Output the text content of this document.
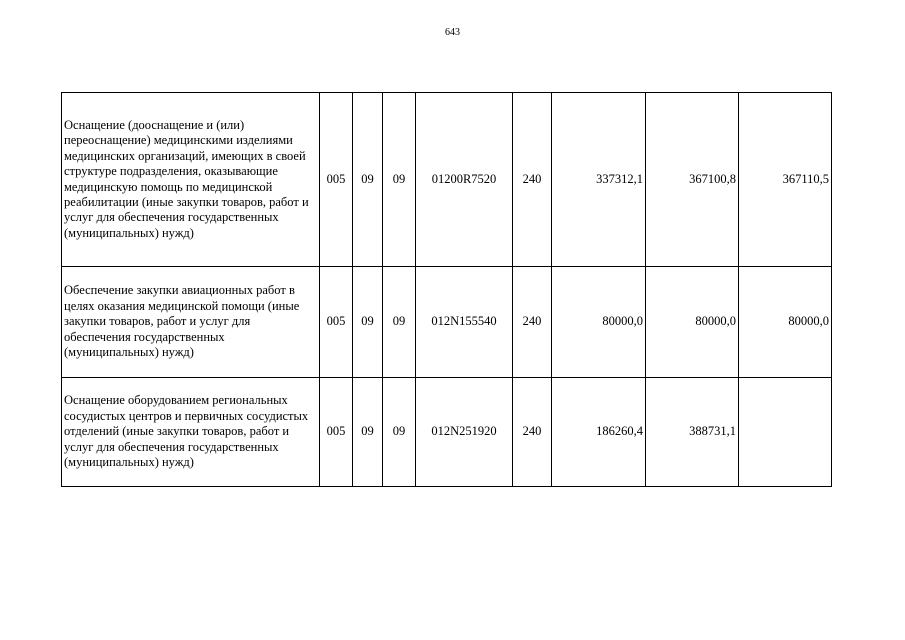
643
Оснащение (дооснащение и (или) переоснащение) медицинскими изделиями медицинских организаций, имеющих в своей структуре подразделения, оказывающие медицинскую помощь по медицинской реабилитации (иные закупки товаров, работ и услуг для обеспечения государственных (муниципальных) нужд)	005	09	09	01200R7520	240	337312,1	367100,8	367110,5
Обеспечение закупки авиационных работ в целях оказания медицинской помощи (иные закупки товаров, работ и услуг для обеспечения государственных (муниципальных) нужд)	005	09	09	012N155540	240	80000,0	80000,0	80000,0
Оснащение оборудованием региональных сосудистых центров и первичных сосудистых отделений (иные закупки товаров, работ и услуг для обеспечения государственных (муниципальных) нужд)	005	09	09	012N251920	240	186260,4	388731,1	
